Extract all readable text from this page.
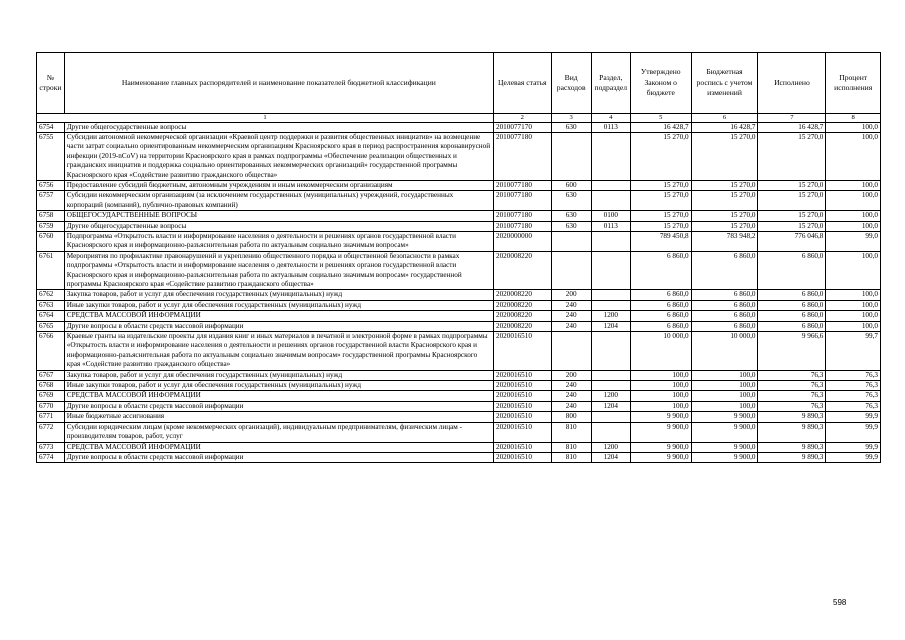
№ строки	Наименование главных распорядителей и наименование показателей бюджетной классификации	Целевая статья	Вид расходов	Раздел, подраздел	Утверждено Законом о бюджете	Бюджетная роспись с учетом изменений	Исполнено	Процент исполнения
1		2	3	4	5	6	7	8
6754	Другие общегосударственные вопросы	2010077170	630	0113	16 428,7	16 428,7	16 428,7	100,0
6755	Субсидии автономной некоммерческой организации «Краевой центр поддержки и развития общественных инициатив» на возмещение части затрат социально ориентированным некоммерческим организациям Красноярского края в период распространения коронавирусной инфекции (2019-nCoV) на территории Красноярского края в рамках подпрограммы «Обеспечение реализации общественных и гражданских инициатив и поддержка социально ориентированных некоммерческих организаций» государственной программы Красноярского края «Содействие развитию гражданского общества»	2010077180			15 270,0	15 270,0	15 270,0	100,0
6756	Предоставление субсидий бюджетным, автономным учреждениям и иным некоммерческим организациям	2010077180	600		15 270,0	15 270,0	15 270,0	100,0
6757	Субсидии некоммерческим организациям (за исключением государственных (муниципальных) учреждений, государственных корпораций (компаний), публично-правовых компаний)	2010077180	630		15 270,0	15 270,0	15 270,0	100,0
6758	ОБЩЕГОСУДАРСТВЕННЫЕ ВОПРОСЫ	2010077180	630	0100	15 270,0	15 270,0	15 270,0	100,0
6759	Другие общегосударственные вопросы	2010077180	630	0113	15 270,0	15 270,0	15 270,0	100,0
6760	Подпрограмма «Открытость власти и информирование населения о деятельности и решениях органов государственной власти Красноярского края и информационно-разъяснительная работа по актуальным социально значимым вопросам»	2020000000			789 450,8	783 948,2	776 046,8	99,0
6761	Мероприятия по профилактике правонарушений и укреплению общественного порядка и общественной безопасности в рамках подпрограммы «Открытость власти и информирование населения о деятельности и решениях органов государственной власти Красноярского края и информационно-разъяснительная работа по актуальным социально значимым вопросам» государственной программы Красноярского края «Содействие развитию гражданского общества»	2020008220			6 860,0	6 860,0	6 860,0	100,0
6762	Закупка товаров, работ и услуг для обеспечения государственных (муниципальных) нужд	2020008220	200		6 860,0	6 860,0	6 860,0	100,0
6763	Иные закупки товаров, работ и услуг для обеспечения государственных (муниципальных) нужд	2020008220	240		6 860,0	6 860,0	6 860,0	100,0
6764	СРЕДСТВА МАССОВОЙ ИНФОРМАЦИИ	2020008220	240	1200	6 860,0	6 860,0	6 860,0	100,0
6765	Другие вопросы в области средств массовой информации	2020008220	240	1204	6 860,0	6 860,0	6 860,0	100,0
6766	Краевые гранты на издательские проекты для издания книг и иных материалов в печатной и электронной форме в рамках подпрограммы «Открытость власти и информирование населения о деятельности и решениях органов государственной власти Красноярского края и информационно-разъяснительная работа по актуальным социально значимым вопросам» государственной программы Красноярского края «Содействие развитию гражданского общества»	2020016510			10 000,0	10 000,0	9 966,6	99,7
6767	Закупка товаров, работ и услуг для обеспечения государственных (муниципальных) нужд	2020016510	200		100,0	100,0	76,3	76,3
6768	Иные закупки товаров, работ и услуг для обеспечения государственных (муниципальных) нужд	2020016510	240		100,0	100,0	76,3	76,3
6769	СРЕДСТВА МАССОВОЙ ИНФОРМАЦИИ	2020016510	240	1200	100,0	100,0	76,3	76,3
6770	Другие вопросы в области средств массовой информации	2020016510	240	1204	100,0	100,0	76,3	76,3
6771	Иные бюджетные ассигнования	2020016510	800		9 900,0	9 900,0	9 890,3	99,9
6772	Субсидии юридическим лицам (кроме некоммерческих организаций), индивидуальным предпринимателям, физическим лицам - производителям товаров, работ, услуг	2020016510	810		9 900,0	9 900,0	9 890,3	99,9
6773	СРЕДСТВА МАССОВОЙ ИНФОРМАЦИИ	2020016510	810	1200	9 900,0	9 900,0	9 890,3	99,9
6774	Другие вопросы в области средств массовой информации	2020016510	810	1204	9 900,0	9 900,0	9 890,3	99,9
598
